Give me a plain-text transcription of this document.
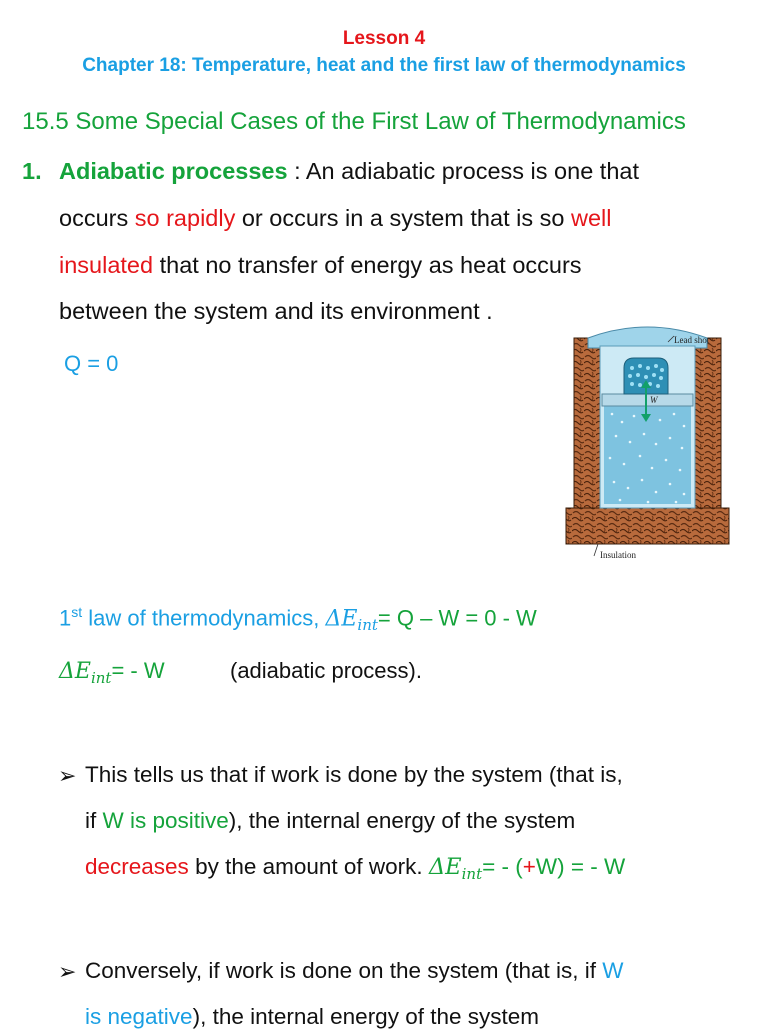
Lesson 4
Chapter 18: Temperature, heat and the first law of thermodynamics
15.5 Some Special Cases of the First Law of Thermodynamics
1. Adiabatic processes : An adiabatic process is one that
occurs so rapidly or occurs in a system that is so well
insulated that no transfer of energy as heat occurs
between the system and its environment .
Q = 0
Lead shot
W
Insulation
1st law of thermodynamics, $\Delta E_{int}= Q - W = 0 - W$
$\Delta E_{int}= - W$	(adiabatic process).
➢ This tells us that if work is done by the system (that is,
if W is positive), the internal energy of the system
decreases by the amount of work. $\Delta E_{int}= - (+W)$ = - W
➢ Conversely, if work is done on the system (that is, if W
is negative), the internal energy of the system
